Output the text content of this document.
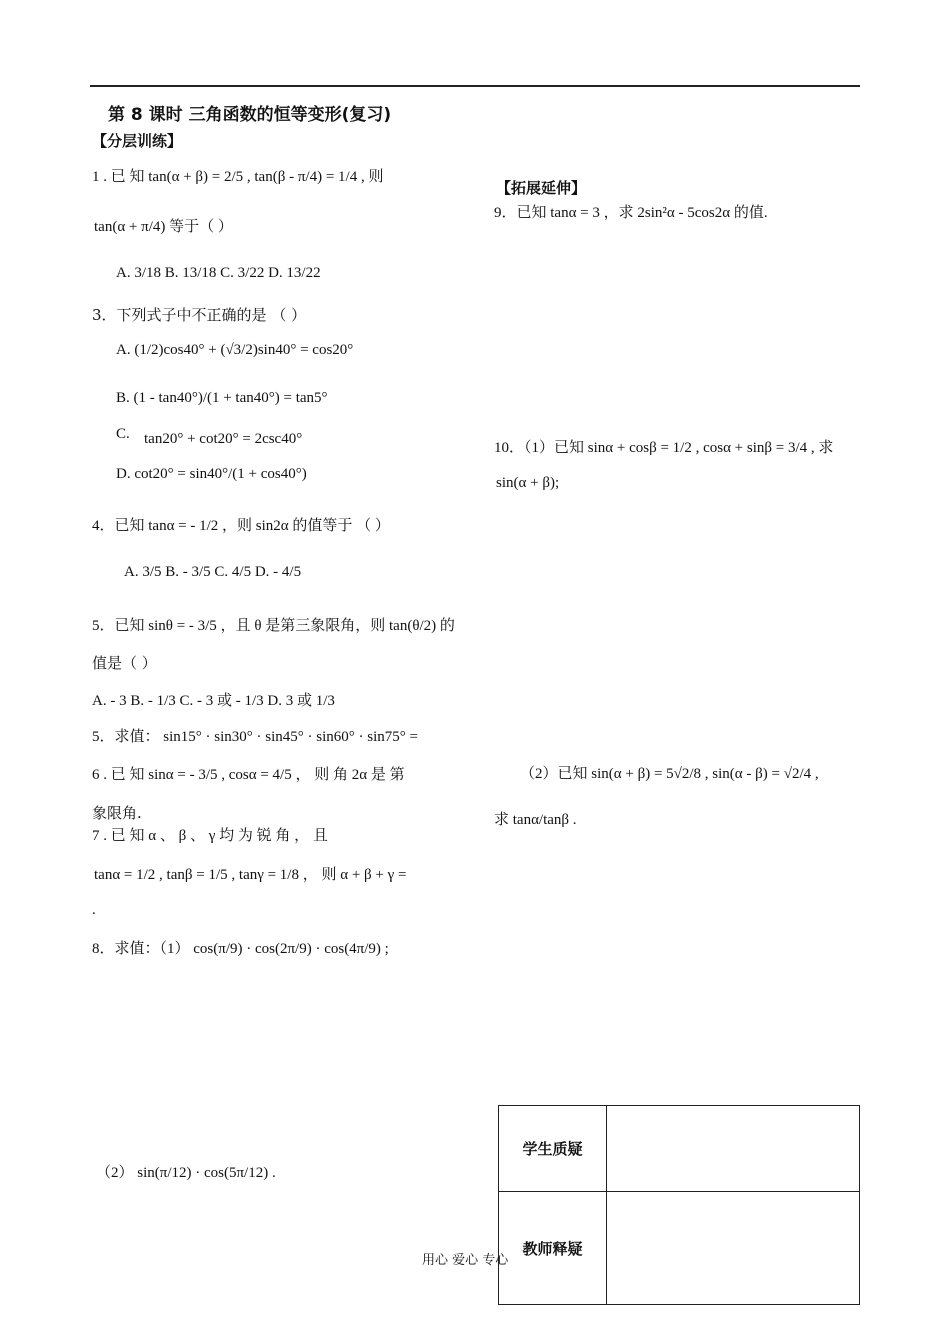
第 8 课时 三角函数的恒等变形(复习)
【分层训练】
1 . 已 知 tan(α + β) = 2/5 , tan(β - π/4) = 1/4 , 则
tan(α + π/4) 等于（ ）
A. 3/18 B. 13/18 C. 3/22 D. 13/22
3．下列式子中不正确的是 （ ）
A. (1/2)cos40° + (√3/2)sin40° = cos20°
B. (1 - tan40°)/(1 + tan40°) = tan5°
C. tan20° + cot20° = 2csc40°
D. cot20° = sin40°/(1 + cos40°)
4．已知 tanα = - 1/2 ，则 sin2α 的值等于 （ ）
A. 3/5 B. - 3/5 C. 4/5 D. - 4/5
5．已知 sinθ = - 3/5 ，且 θ 是第三象限角，则 tan(θ/2) 的
值是（ ）
A. - 3 B. - 1/3 C. - 3 或 - 1/3 D. 3 或 1/3
5．求值： sin15° · sin30° · sin45° · sin60° · sin75° =
6 . 已 知 sinα = - 3/5 , cosα = 4/5 ， 则 角 2α 是 第
象限角.
7 . 已 知 α 、 β 、 γ 均 为 锐 角 ， 且
tanα = 1/2 , tanβ = 1/5 , tanγ = 1/8 ， 则 α + β + γ =
.
8．求值：（1） cos(π/9) · cos(2π/9) · cos(4π/9) ;
（2） sin(π/12) · cos(5π/12) .
【拓展延伸】
9．已知 tanα = 3 ，求 2sin²α - 5cos2α 的值.
10．（1）已知 sinα + cosβ = 1/2 , cosα + sinβ = 3/4 , 求
sin(α + β);
（2）已知 sin(α + β) = 5√2/8 , sin(α - β) = √2/4 ,
求 tanα/tanβ .
学生质疑
教师释疑
用心 爱心 专心
